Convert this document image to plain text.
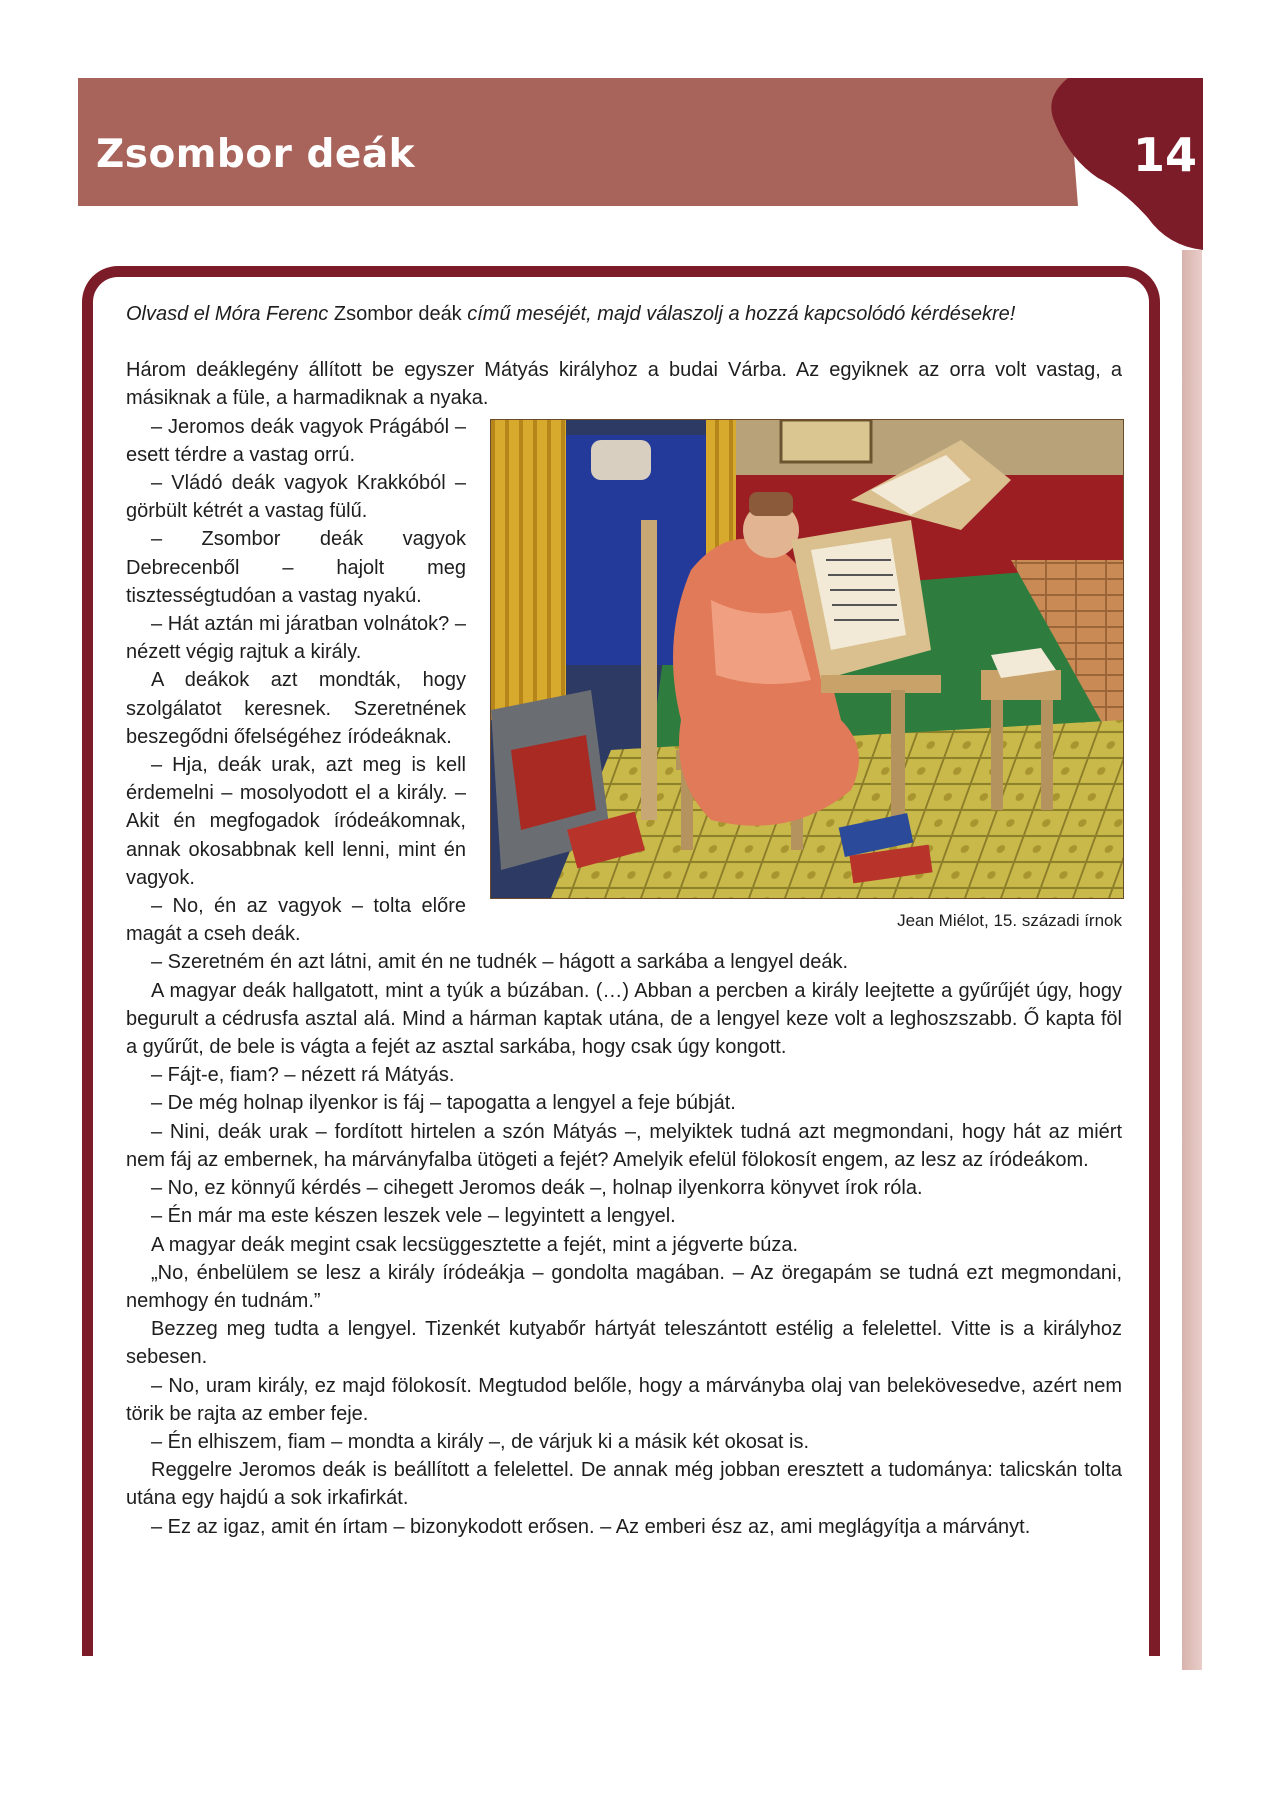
Zsombor deák	14

Olvasd el Móra Ferenc Zsombor deák című meséjét, majd válaszolj a hozzá kapcsolódó kérdésekre!

Három deáklegény állított be egyszer Mátyás királyhoz a budai Várba. Az egyiknek az orra volt vastag, a másiknak a füle, a harmadiknak a nyaka.

Jean Miélot, 15. századi írnok

– Jeromos deák vagyok Prágából – esett térdre a vastag orrú.

– Vládó deák vagyok Krakkóból – görbült kétrét a vastag fülű.

– Zsombor deák vagyok Debrecenből – hajolt meg tisztességtudóan a vastag nyakú.

– Hát aztán mi járatban volnátok? – nézett végig rajtuk a király.

A deákok azt mondták, hogy szolgálatot keresnek. Szeretnének beszegődni őfelségéhez íródeáknak.

– Hja, deák urak, azt meg is kell érdemelni – mosolyodott el a király. – Akit én megfogadok íródeákomnak, annak okosabbnak kell lenni, mint én vagyok.

– No, én az vagyok – tolta előre magát a cseh deák.

– Szeretném én azt látni, amit én ne tudnék – hágott a sarkába a lengyel deák.

A magyar deák hallgatott, mint a tyúk a búzában. (…) Abban a percben a király leejtette a gyűrűjét úgy, hogy begurult a cédrusfa asztal alá. Mind a hárman kaptak utána, de a lengyel keze volt a leghoszszabb. Ő kapta föl a gyűrűt, de bele is vágta a fejét az asztal sarkába, hogy csak úgy kongott.

– Fájt-e, fiam? – nézett rá Mátyás.

– De még holnap ilyenkor is fáj – tapogatta a lengyel a feje búbját.

– Nini, deák urak – fordított hirtelen a szón Mátyás –, melyiktek tudná azt megmondani, hogy hát az miért nem fáj az embernek, ha márványfalba ütögeti a fejét? Amelyik efelül fölokosít engem, az lesz az íródeákom.

– No, ez könnyű kérdés – cihegett Jeromos deák –, holnap ilyenkorra könyvet írok róla.

– Én már ma este készen leszek vele – legyintett a lengyel.

A magyar deák megint csak lecsüggesztette a fejét, mint a jégverte búza.

„No, énbelülem se lesz a király íródeákja – gondolta magában. – Az öregapám se tudná ezt megmondani, nemhogy én tudnám.”

Bezzeg meg tudta a lengyel. Tizenkét kutyabőr hártyát teleszántott estélig a felelettel. Vitte is a királyhoz sebesen.

– No, uram király, ez majd fölokosít. Megtudod belőle, hogy a márványba olaj van belekövesedve, azért nem törik be rajta az ember feje.

– Én elhiszem, fiam – mondta a király –, de várjuk ki a másik két okosat is.

Reggelre Jeromos deák is beállított a felelettel. De annak még jobban eresztett a tudománya: talicskán tolta utána egy hajdú a sok irkafirkát.

– Ez az igaz, amit én írtam – bizonykodott erősen. – Az emberi ész az, ami meglágyítja a márványt.
